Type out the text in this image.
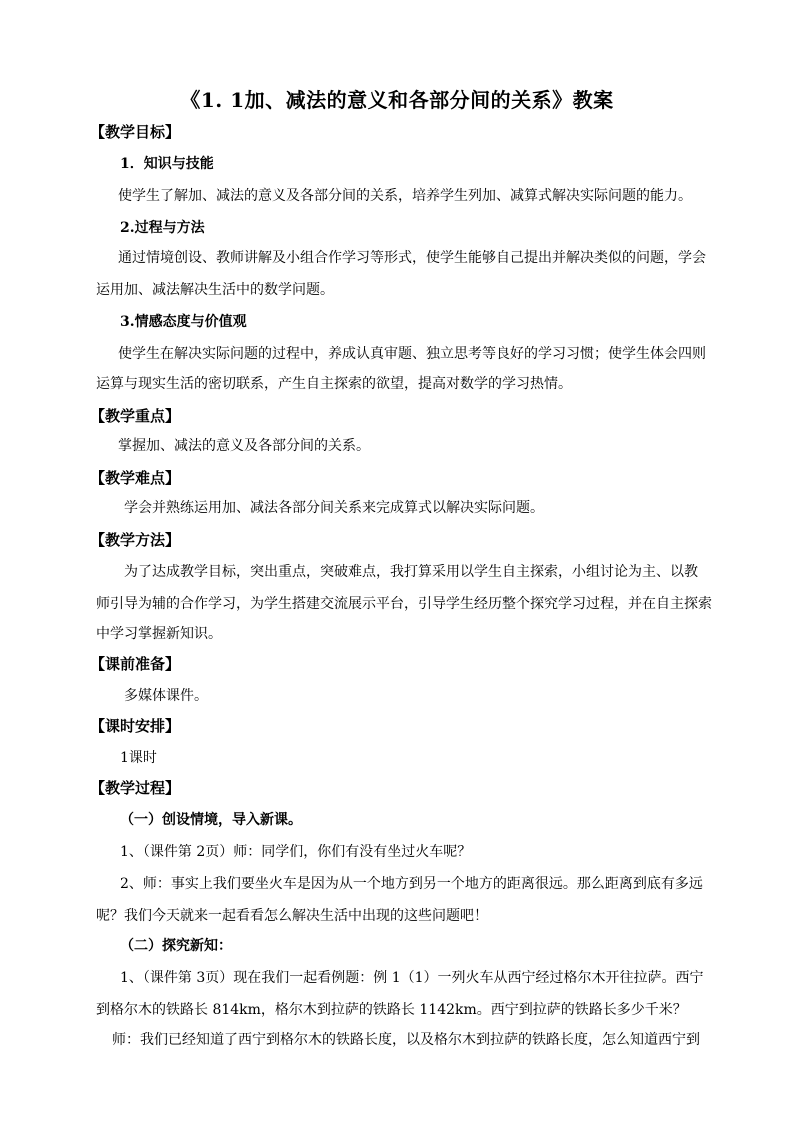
《1. 1加、减法的意义和各部分间的关系》教案
【教学目标】
1．知识与技能
使学生了解加、减法的意义及各部分间的关系，培养学生列加、减算式解决实际问题的能力。
2.过程与方法
通过情境创设、教师讲解及小组合作学习等形式，使学生能够自己提出并解决类似的问题，学会
运用加、减法解决生活中的数学问题。
3.情感态度与价值观
使学生在解决实际问题的过程中，养成认真审题、独立思考等良好的学习习惯；使学生体会四则
运算与现实生活的密切联系，产生自主探索的欲望，提高对数学的学习热情。
【教学重点】
掌握加、减法的意义及各部分间的关系。
【教学难点】
学会并熟练运用加、减法各部分间关系来完成算式以解决实际问题。
【教学方法】
为了达成教学目标，突出重点，突破难点，我打算采用以学生自主探索，小组讨论为主、以教
师引导为辅的合作学习，为学生搭建交流展示平台，引导学生经历整个探究学习过程，并在自主探索
中学习掌握新知识。
【课前准备】
多媒体课件。
【课时安排】
1课时
【教学过程】
（一）创设情境，导入新课。
1、（课件第 2页）师：同学们，你们有没有坐过火车呢？
2、师：事实上我们要坐火车是因为从一个地方到另一个地方的距离很远。那么距离到底有多远
呢？我们今天就来一起看看怎么解决生活中出现的这些问题吧！
（二）探究新知：
1、（课件第 3页）现在我们一起看例题：例 1（1）一列火车从西宁经过格尔木开往拉萨。西宁
到格尔木的铁路长 814km，格尔木到拉萨的铁路长 1142km。西宁到拉萨的铁路长多少千米？
师：我们已经知道了西宁到格尔木的铁路长度，以及格尔木到拉萨的铁路长度，怎么知道西宁到
